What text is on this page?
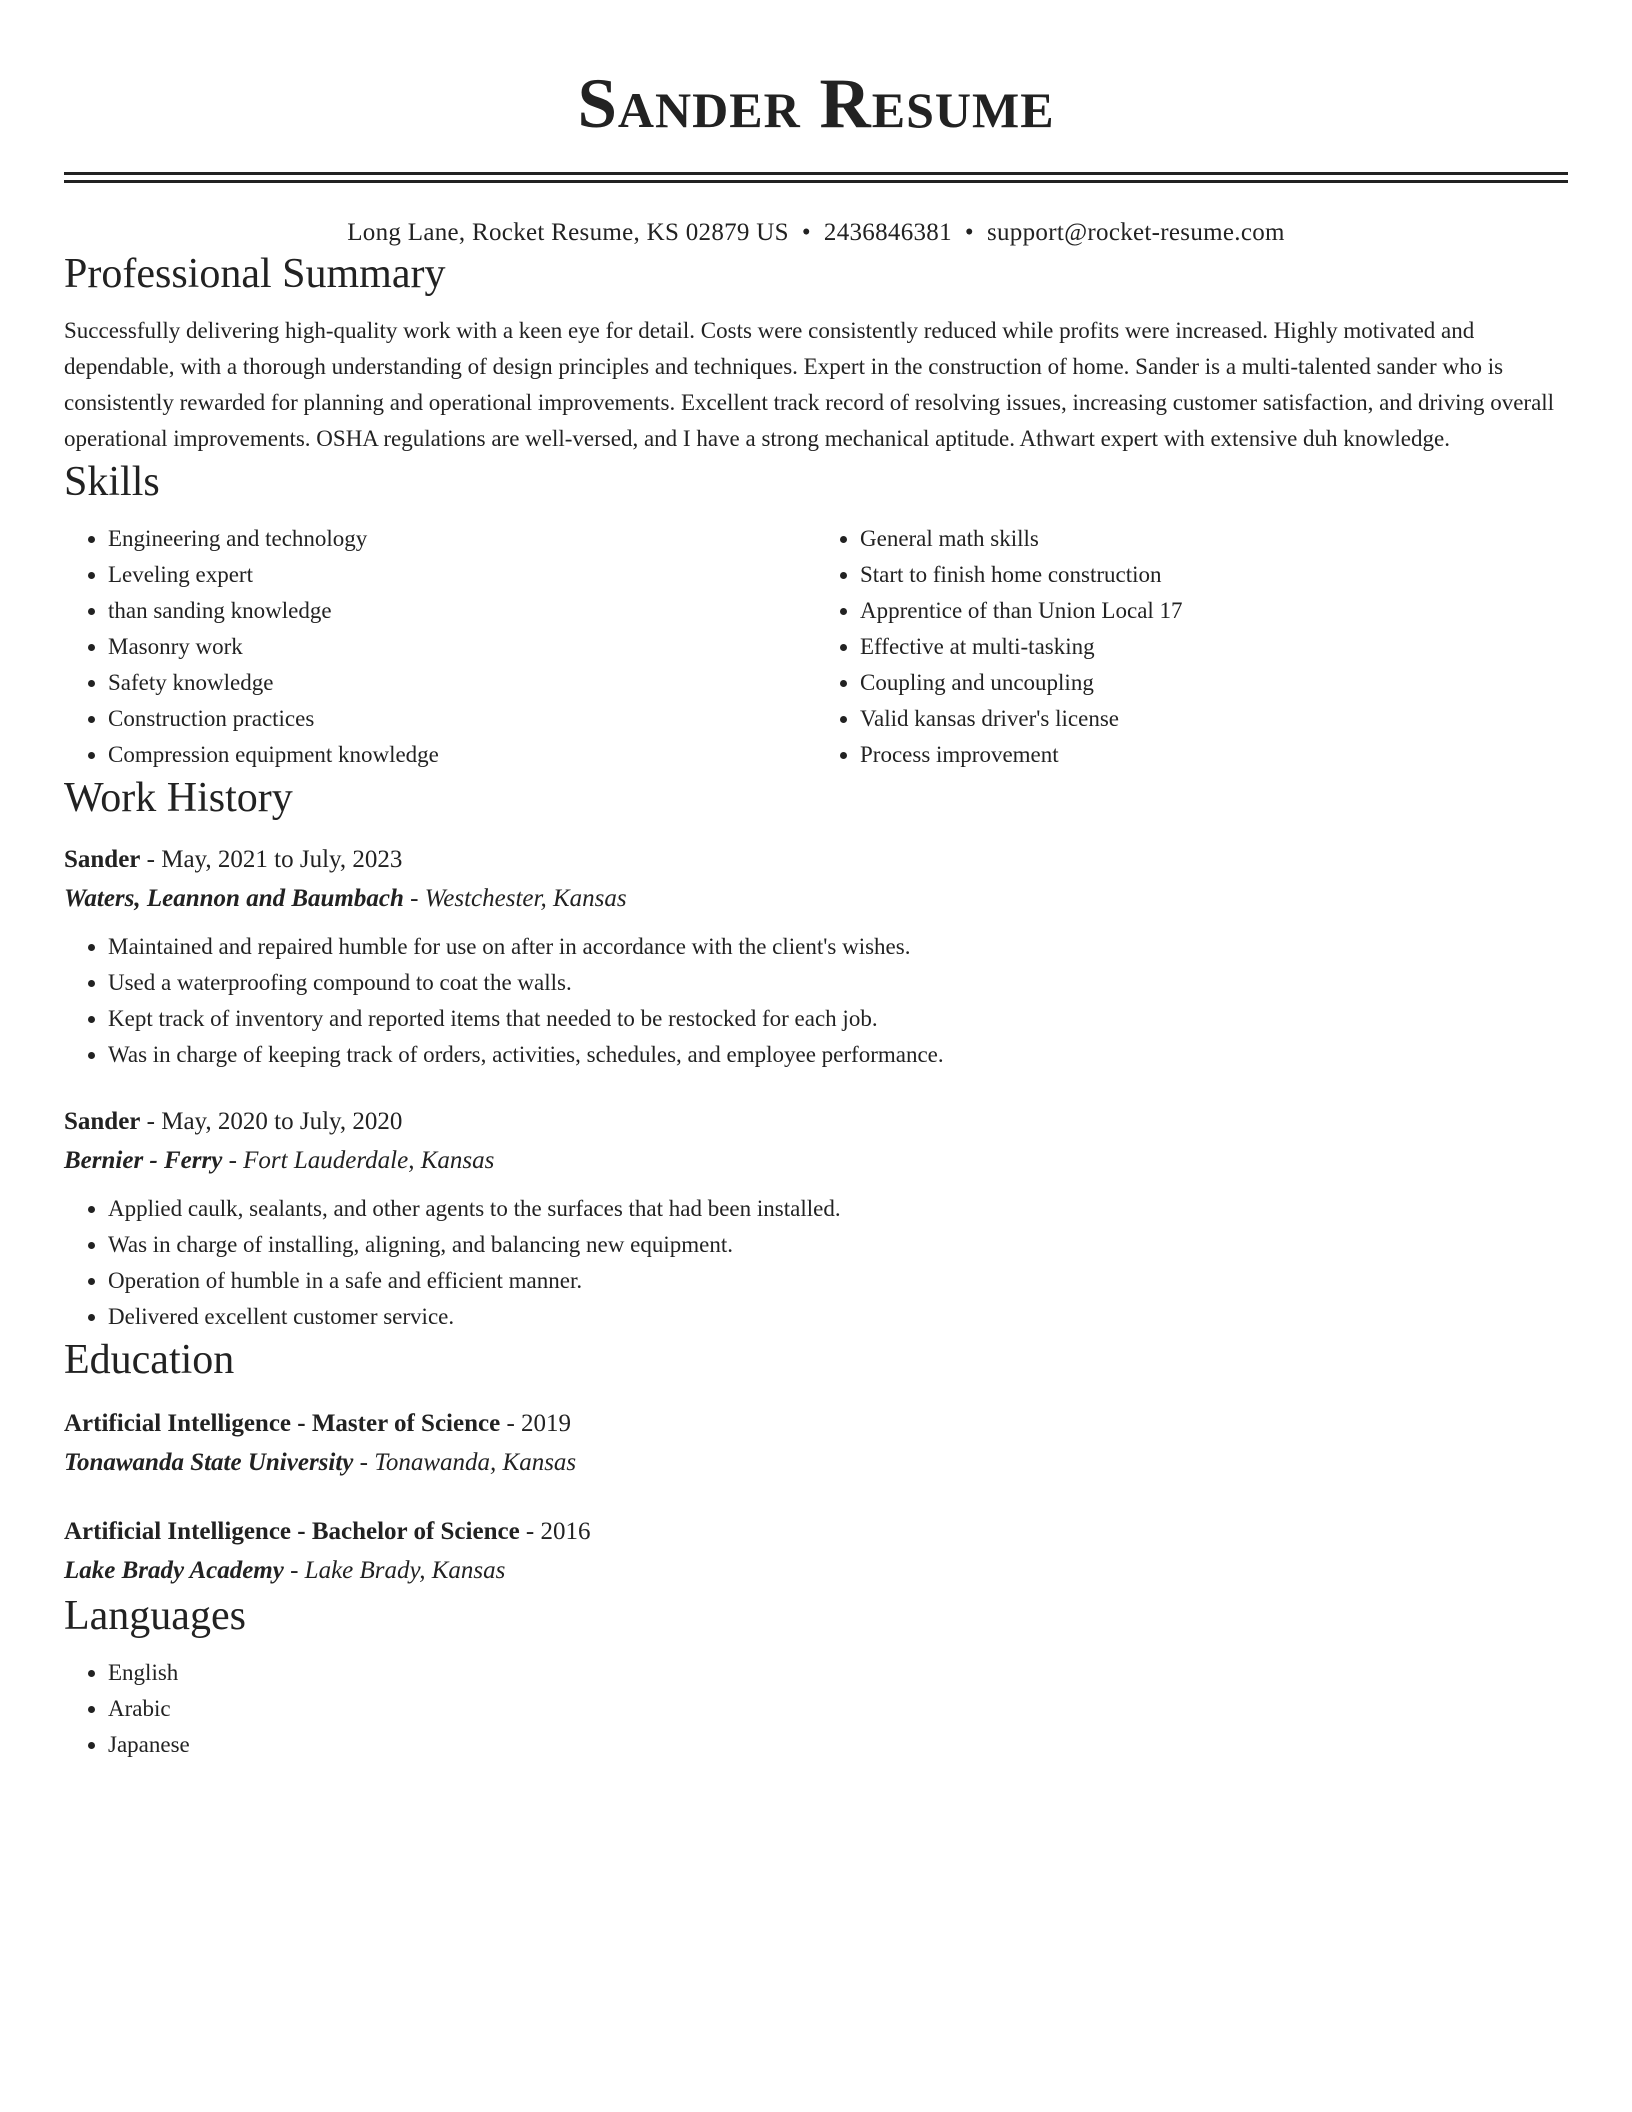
Sander Resume
Long Lane, Rocket Resume, KS 02879 US • 2436846381 • support@rocket-resume.com
Professional Summary

Successfully delivering high-quality work with a keen eye for detail. Costs were consistently reduced while profits were increased. Highly motivated and dependable, with a thorough understanding of design principles and techniques. Expert in the construction of home. Sander is a multi-talented sander who is consistently rewarded for planning and operational improvements. Excellent track record of resolving issues, increasing customer satisfaction, and driving overall operational improvements. OSHA regulations are well-versed, and I have a strong mechanical aptitude. Athwart expert with extensive duh knowledge.

Skills
• Engineering and technology
• Leveling expert
• than sanding knowledge
• Masonry work
• Safety knowledge
• Construction practices
• Compression equipment knowledge
• General math skills
• Start to finish home construction
• Apprentice of than Union Local 17
• Effective at multi-tasking
• Coupling and uncoupling
• Valid kansas driver's license
• Process improvement
Work History
Sander - May, 2021 to July, 2023
Waters, Leannon and Baumbach - Westchester, Kansas
• Maintained and repaired humble for use on after in accordance with the client's wishes.
• Used a waterproofing compound to coat the walls.
• Kept track of inventory and reported items that needed to be restocked for each job.
• Was in charge of keeping track of orders, activities, schedules, and employee performance.
Sander - May, 2020 to July, 2020
Bernier - Ferry - Fort Lauderdale, Kansas
• Applied caulk, sealants, and other agents to the surfaces that had been installed.
• Was in charge of installing, aligning, and balancing new equipment.
• Operation of humble in a safe and efficient manner.
• Delivered excellent customer service.
Education
Artificial Intelligence - Master of Science - 2019
Tonawanda State University - Tonawanda, Kansas
Artificial Intelligence - Bachelor of Science - 2016
Lake Brady Academy - Lake Brady, Kansas
Languages
• English
• Arabic
• Japanese
